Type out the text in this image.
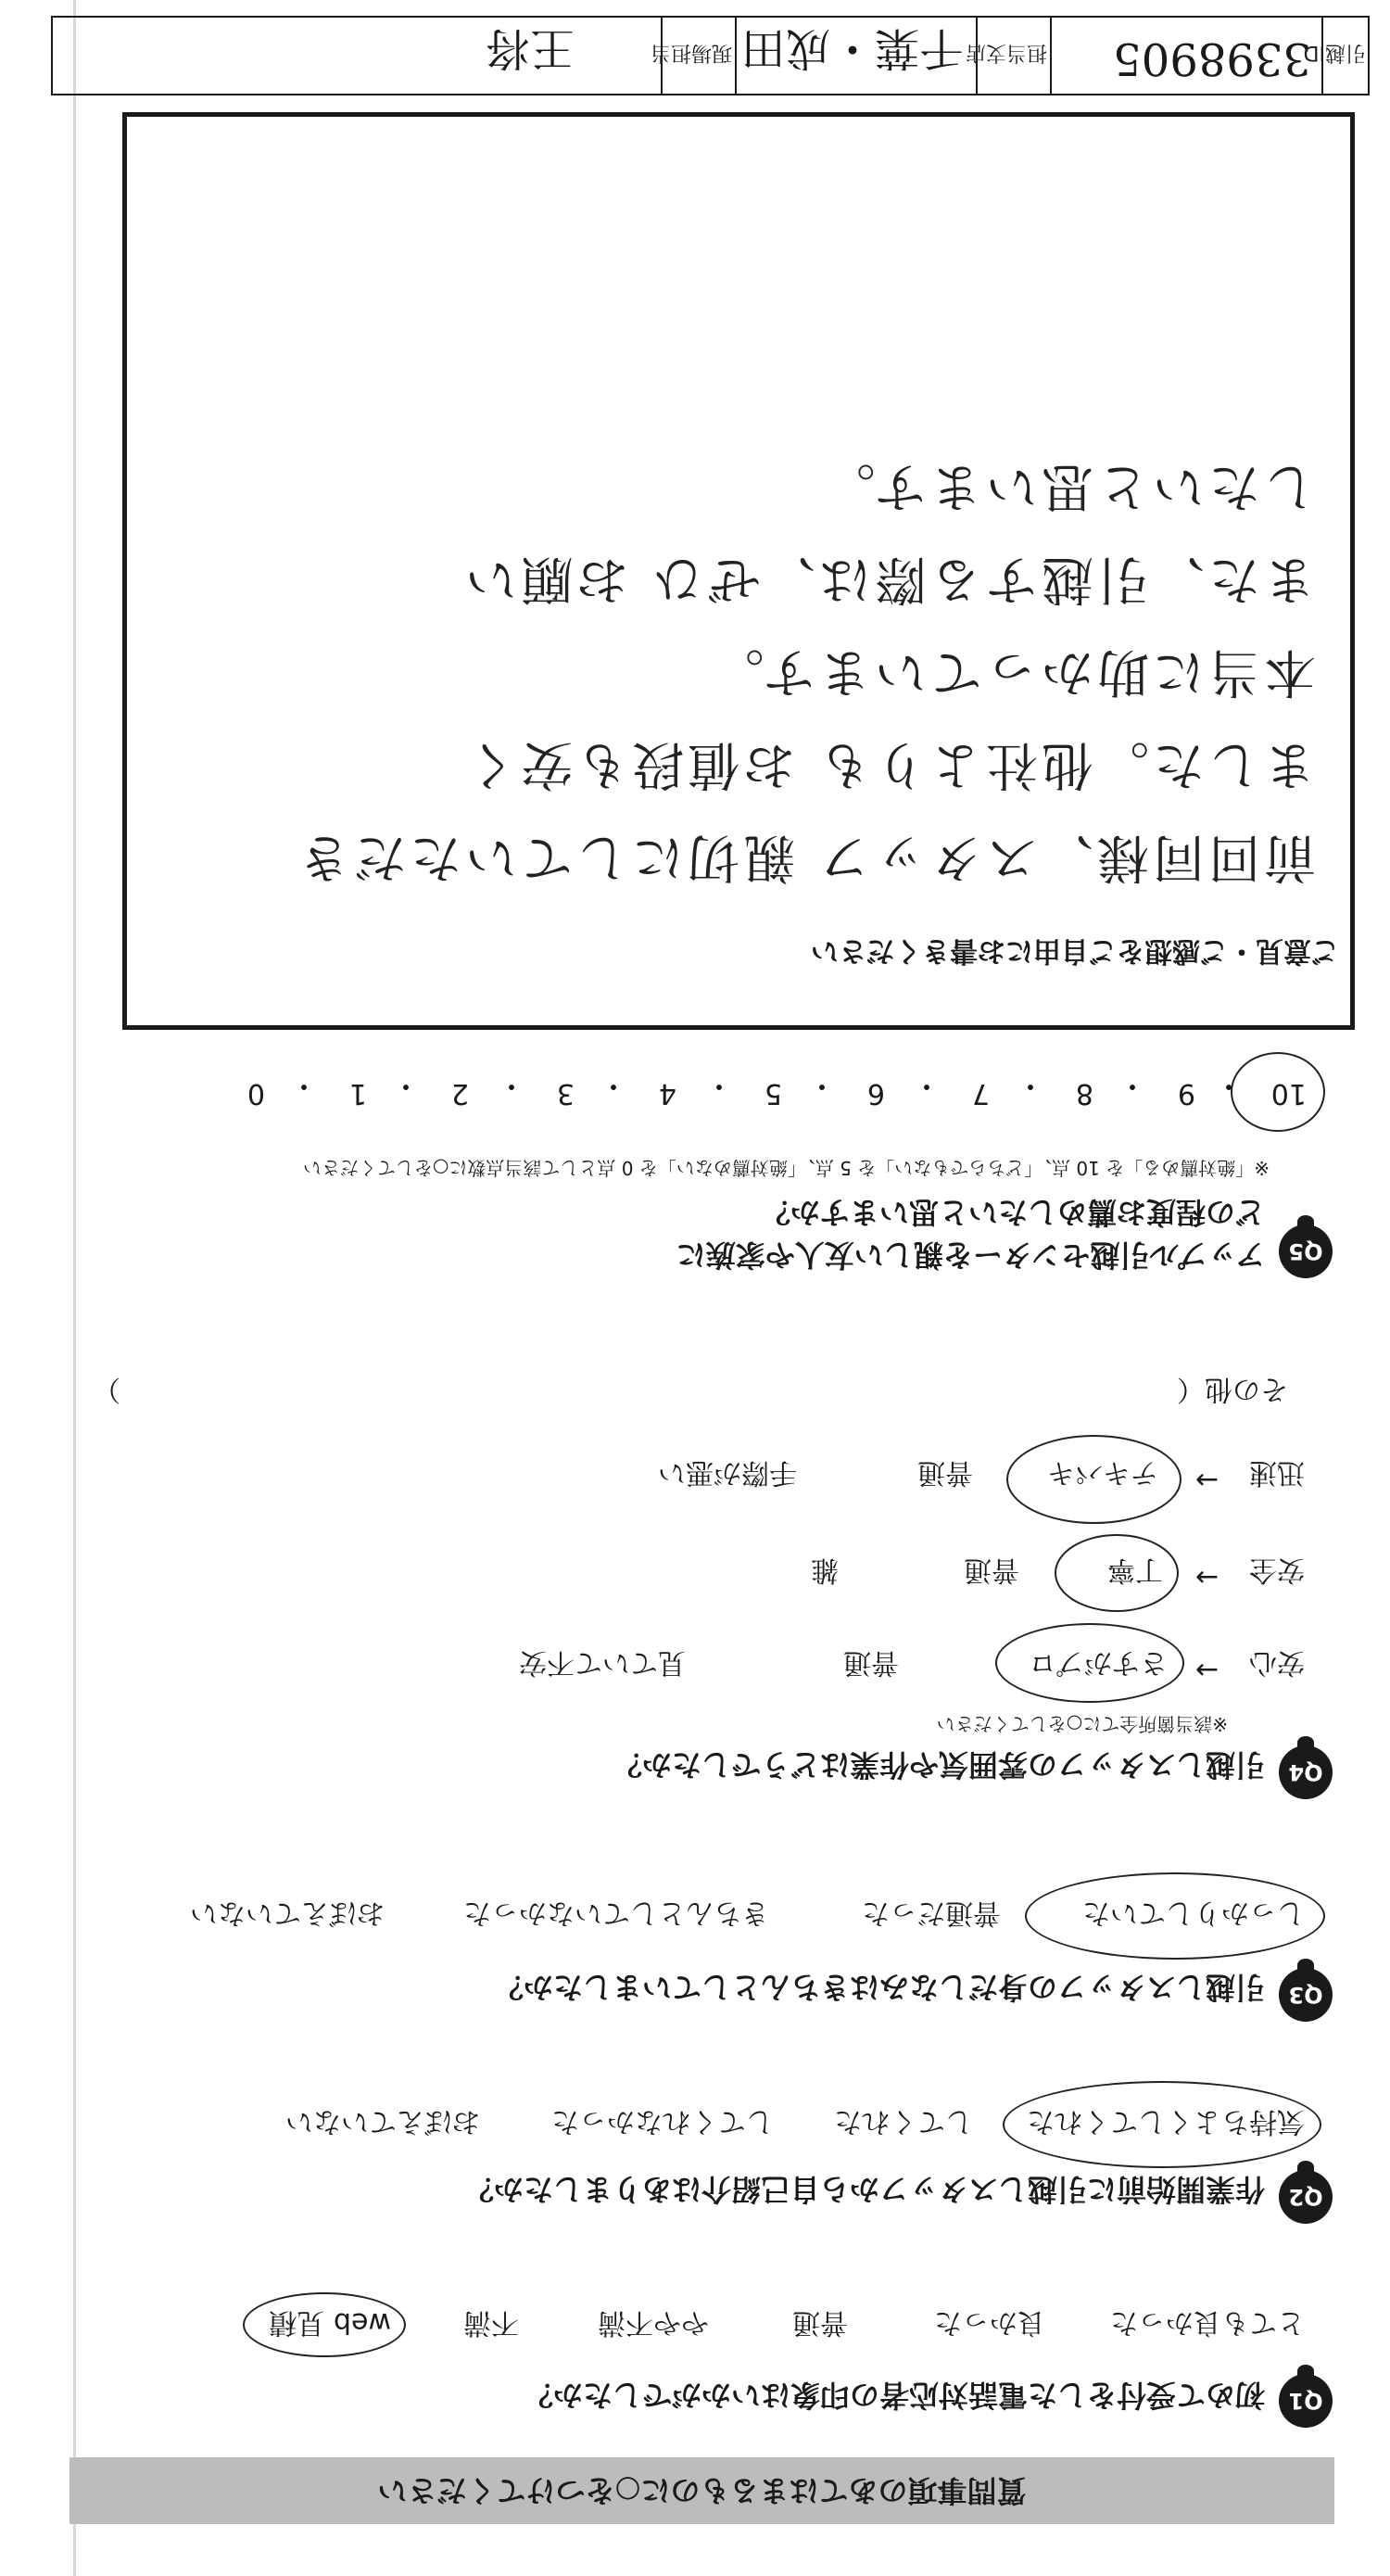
質問事項のあてはまるものに○をつけてください
Q1
初めて受付をした電話対応者の印象はいかがでしたか？
とても良かった
良かった
普通
やや不満
不満
web 見積
Q2
作業開始前に引越しスタッフから自己紹介はありましたか？
気持ちよくしてくれた
してくれた
してくれなかった
おぼえていない
Q3
引越しスタッフの身だしなみはきちんとしていましたか？
しっかりしていた
普通だった
きちんとしていなかった
おぼえていない
Q4
引越しスタッフの雰囲気や作業はどうでしたか？
※該当箇所全てに○をしてください
安心
→
さすがプロ
普通
見ていて不安
安全
→
丁寧
普通
雑
迅速
→
テキパキ
普通
手際が悪い
その他（
）
Q5
アップル引越センターを親しい友人や家族に
どの程度お薦めしたいと思いますか？
※「絶対薦める」を 10 点、「どちらでもない」を 5 点、「絶対薦めない」を 0 点として該当点数に○をしてください
10
・
9
・
8
・
7
・
6
・
5
・
4
・
3
・
2
・
1
・
0
ご意見・ご感想をご自由にお書きください
前回同様、スタッフ 親切にしていただき
ました。他社よりも お値段も安く
本当に助かっています。
また、引越する際は、ぜひ お願い
したいと思います。
引越ID
3398905
担当支店
千葉・成田
現場担当
王将
